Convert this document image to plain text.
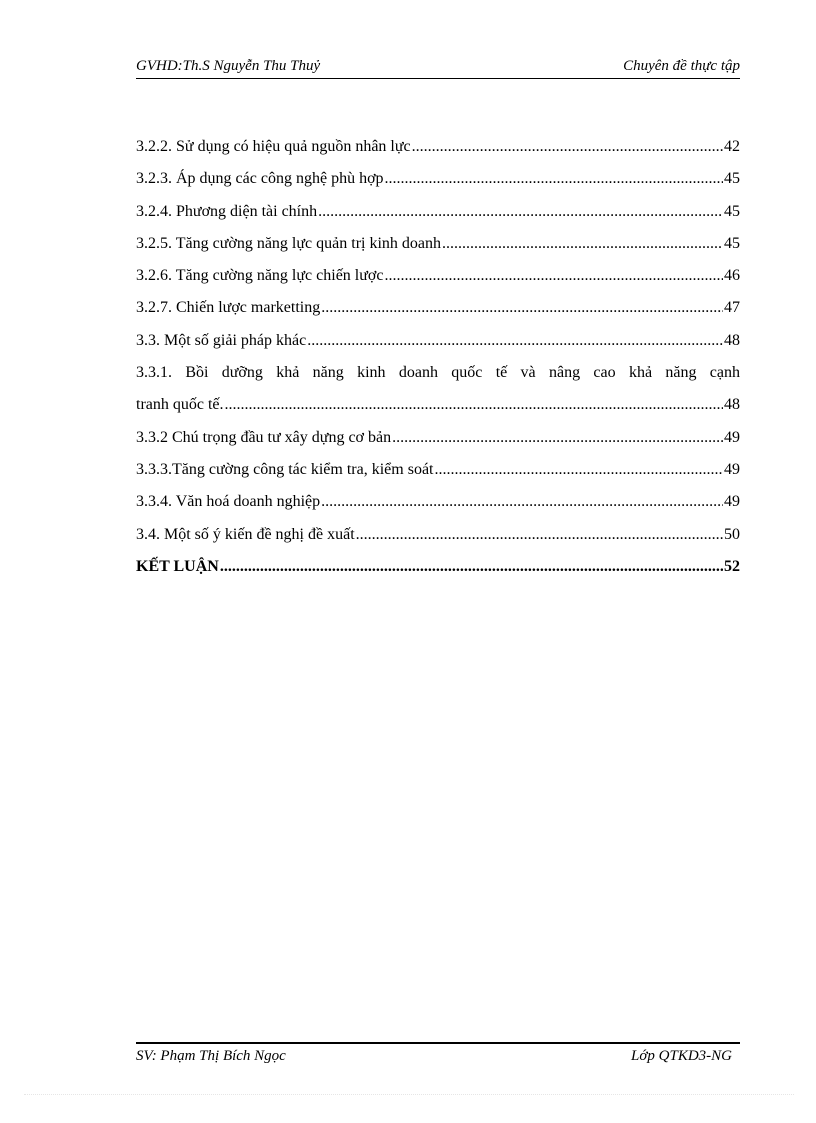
GVHD:Th.S Nguyễn Thu Thuỷ	Chuyên đề thực tập
3.2.2. Sử dụng có hiệu quả nguồn nhân lực .....	42
3.2.3. Áp dụng các công nghệ phù hợp .....	45
3.2.4. Phương diện tài chính .....	45
3.2.5. Tăng cường năng lực quản trị kinh doanh .....	45
3.2.6. Tăng cường năng lực chiến lược .....	46
3.2.7. Chiến lược marketting .....	47
3.3. Một số giải pháp khác .....	48
3.3.1. Bồi dưỡng khả năng kinh doanh quốc tế và nâng cao khả năng cạnh
tranh quốc tế. .....	48
3.3.2 Chú trọng đầu tư xây dựng cơ bản .....	49
3.3.3.Tăng cường công tác kiểm tra, kiểm soát .....	49
3.3.4. Văn hoá doanh nghiệp .....	49
3.4. Một số ý kiến đề nghị đề xuất .....	50
KẾT LUẬN .....	52
SV: Phạm Thị Bích Ngọc	Lớp QTKD3-NG
